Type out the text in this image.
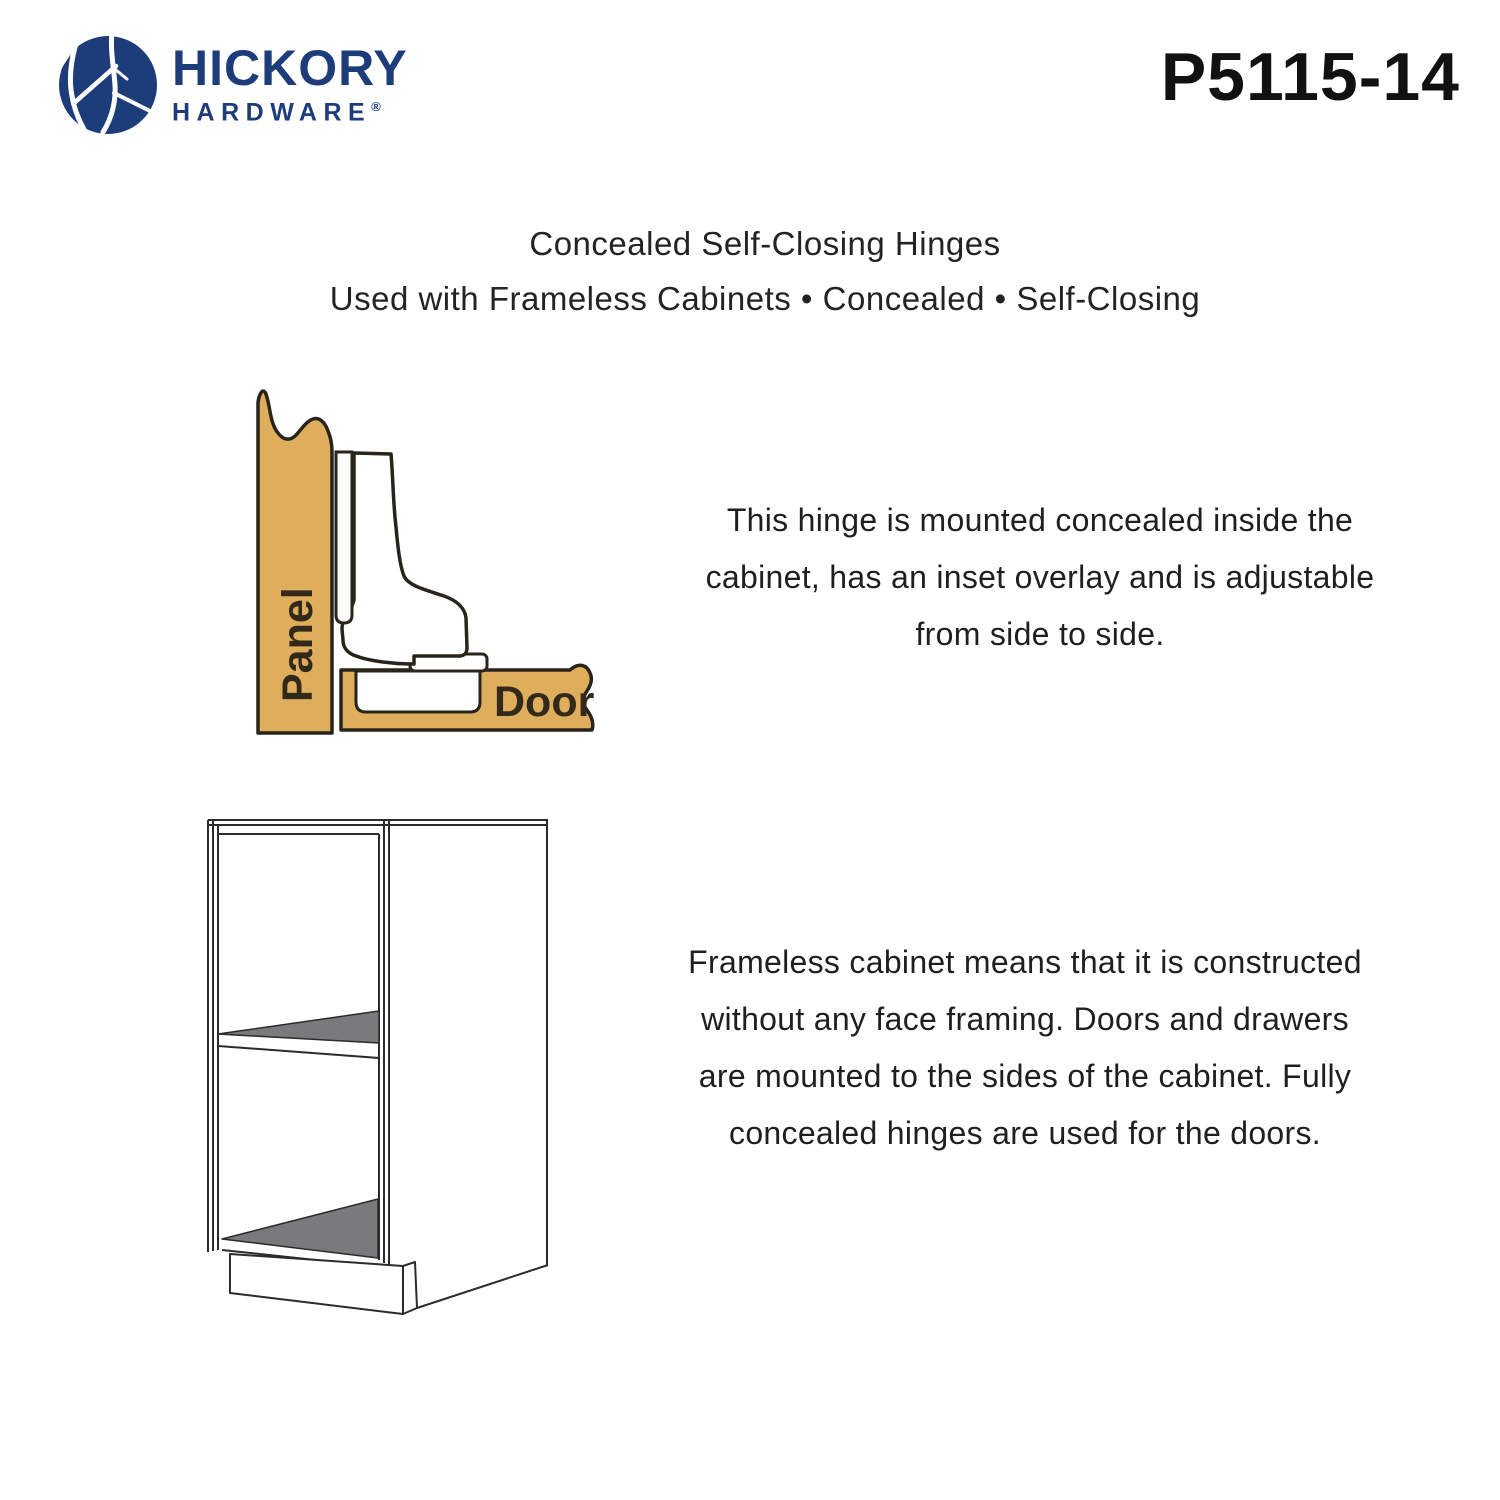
HICKORY
HARDWARE®	P5115-14
Concealed Self-Closing Hinges
Used with Frameless Cabinets • Concealed • Self-Closing
Panel	Door
This hinge is mounted concealed inside the
cabinet, has an inset overlay and is adjustable
from side to side.
Frameless cabinet means that it is constructed
without any face framing. Doors and drawers
are mounted to the sides of the cabinet. Fully
concealed hinges are used for the doors.
